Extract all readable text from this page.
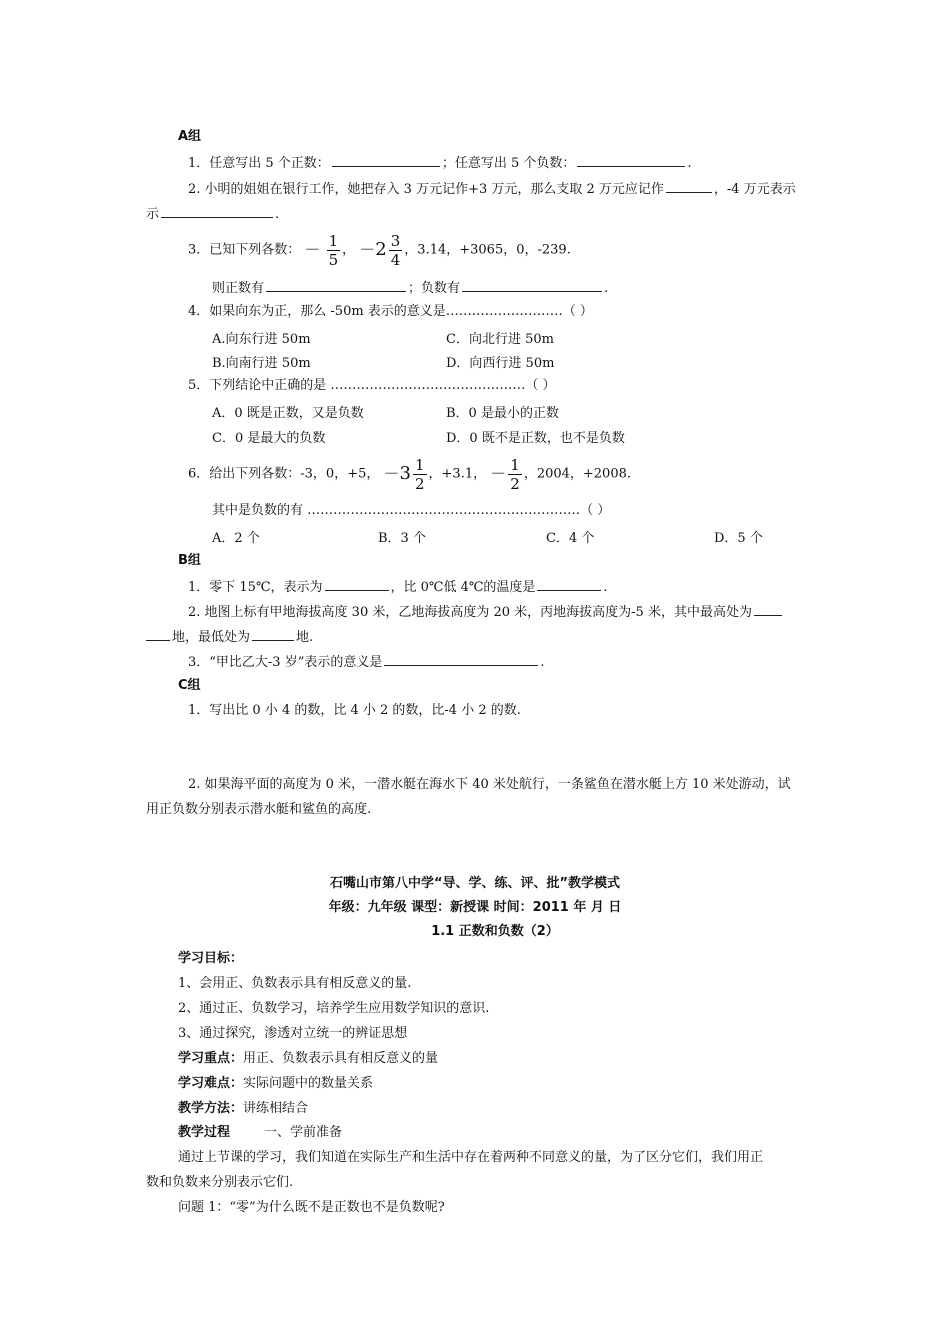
A组
1．任意写出 5 个正数：	；任意写出 5 个负数：	.
2. 小明的姐姐在银行工作，她把存入 3 万元记作+3 万元，那么支取 2 万元应记作	，-4 万元表示
示	.
3．已知下列各数： － $\frac{1}{5}$ ， $-2 \frac{3}{4}$ ，3.14，+3065，0，-239.
则正数有	；负数有	.
4．如果向东为正，那么 -50m 表示的意义是………………………（ ）
A.向东行进 50m	C．向北行进 50m
B.向南行进 50m	D．向西行进 50m
5．下列结论中正确的是 ………………………………………（ ）
A．0 既是正数，又是负数	B．0 是最小的正数
C．0 是最大的负数	D．0 既不是正数，也不是负数
6．给出下列各数：-3，0，+5， $-3 \frac{1}{2}$ ，+3.1， － $\frac{1}{2}$ ，2004，+2008.
其中是负数的有 ………………………………………………………（ ）
A．2 个	B．3 个	C．4 个	D．5 个
B组
1．零下 15℃，表示为	，比 0℃低 4℃的温度是	.
2. 地图上标有甲地海拔高度 30 米，乙地海拔高度为 20 米，丙地海拔高度为-5 米，其中最高处为
地，最低处为	地.
3．“甲比乙大-3 岁”表示的意义是	.
C组
1．写出比 0 小 4 的数，比 4 小 2 的数，比-4 小 2 的数.
2. 如果海平面的高度为 0 米，一潜水艇在海水下 40 米处航行，一条鲨鱼在潜水艇上方 10 米处游动，试
用正负数分别表示潜水艇和鲨鱼的高度.
石嘴山市第八中学“导、学、练、评、批”教学模式
年级：九年级 课型：新授课 时间：2011 年 月 日
1.1 正数和负数（2）
学习目标：
1、会用正、负数表示具有相反意义的量.
2、通过正、负数学习，培养学生应用数学知识的意识.
3、通过探究，渗透对立统一的辨证思想
学习重点：用正、负数表示具有相反意义的量
学习难点：实际问题中的数量关系
教学方法：讲练相结合
教学过程	一、学前准备
通过上节课的学习，我们知道在实际生产和生活中存在着两种不同意义的量，为了区分它们，我们用正
数和负数来分别表示它们.
问题 1：“零”为什么既不是正数也不是负数呢?
